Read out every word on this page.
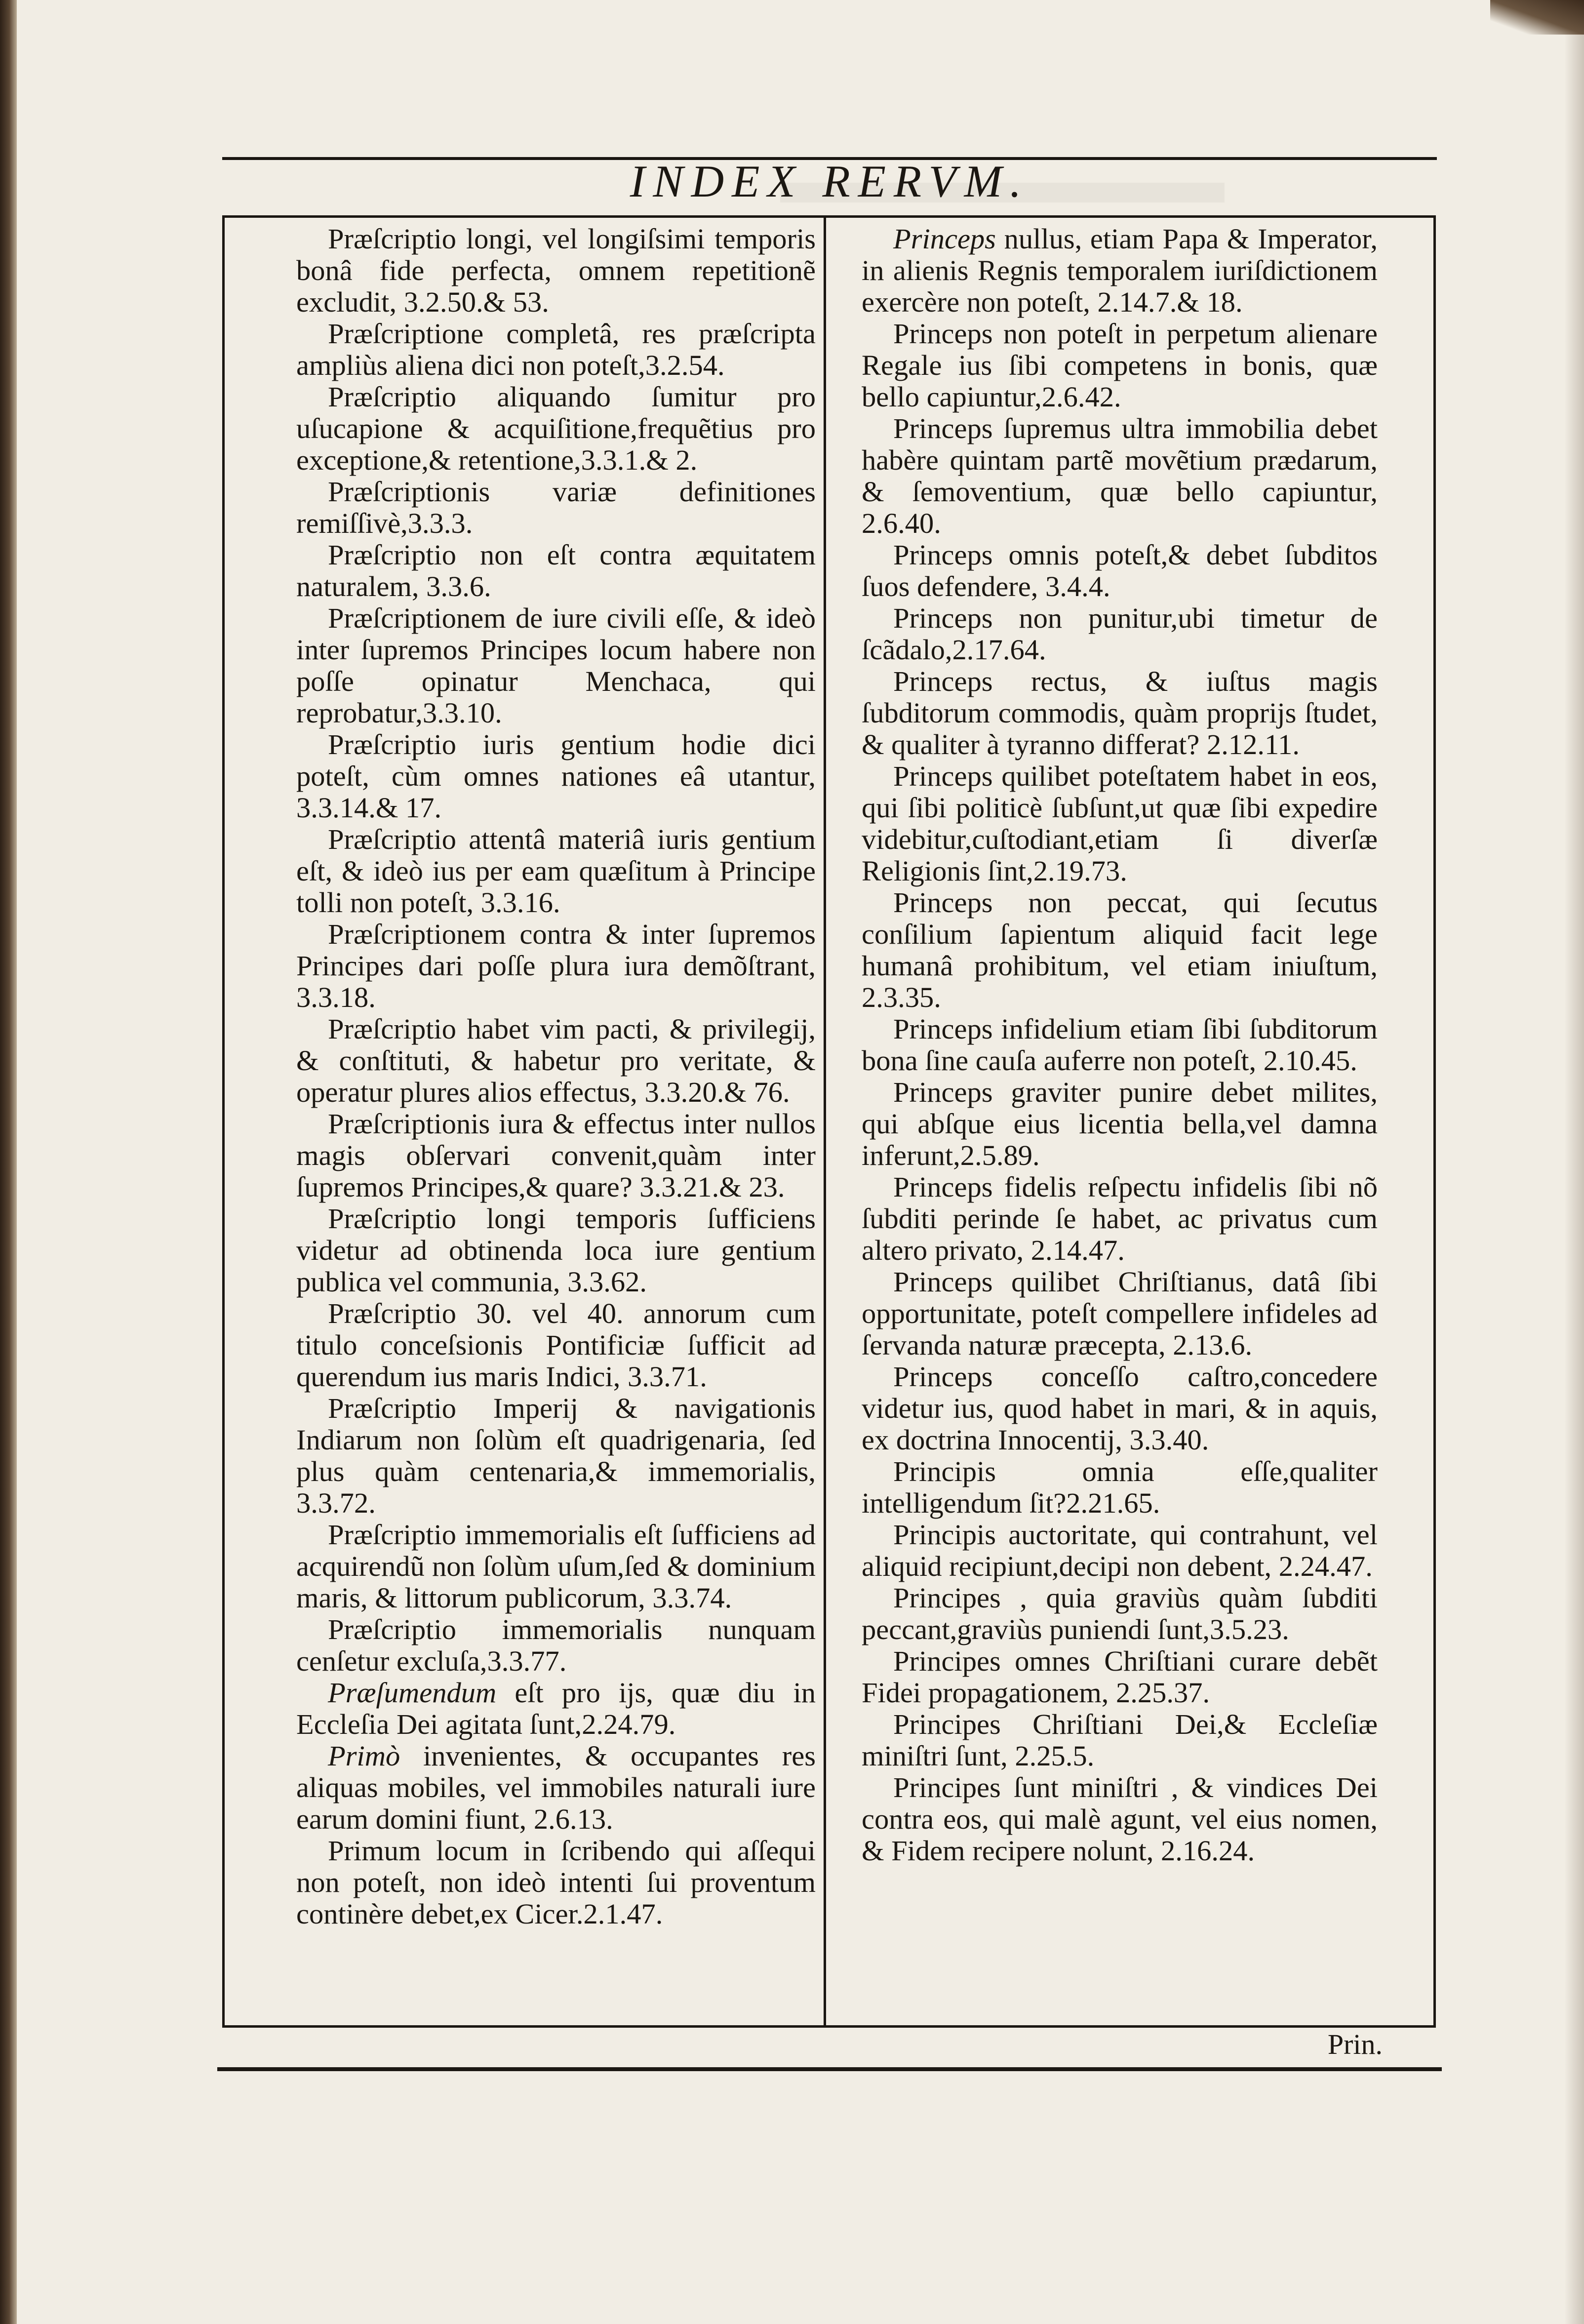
INDEX RERVM.

Præſcriptio longi, vel longiſsimi temporis bonâ fide perfecta, omnem repetitionẽ excludit, 3.2.50.& 53.

Præſcriptione completâ, res præſcripta ampliùs aliena dici non poteſt,3.2.54.

Præſcriptio aliquando ſumitur pro uſucapione & acquiſitione,frequẽtius pro exceptione,& retentione,3.3.1.& 2.

Præſcriptionis variæ definitiones remiſſivè,3.3.3.

Præſcriptio non eſt contra æquitatem naturalem, 3.3.6.

Præſcriptionem de iure civili eſſe, & ideò inter ſupremos Principes locum habere non poſſe opinatur Menchaca, qui reprobatur,3.3.10.

Præſcriptio iuris gentium hodie dici poteſt, cùm omnes nationes eâ utantur, 3.3.14.& 17.

Præſcriptio attentâ materiâ iuris gentium eſt, & ideò ius per eam quæſitum à Principe tolli non poteſt, 3.3.16.

Præſcriptionem contra & inter ſupremos Principes dari poſſe plura iura demõſtrant, 3.3.18.

Præſcriptio habet vim pacti, & privilegij, & conſtituti, & habetur pro veritate, & operatur plures alios effectus, 3.3.20.& 76.

Præſcriptionis iura & effectus inter nullos magis obſervari convenit,quàm inter ſupremos Principes,& quare? 3.3.21.& 23.

Præſcriptio longi temporis ſufficiens videtur ad obtinenda loca iure gentium publica vel communia, 3.3.62.

Præſcriptio 30. vel 40. annorum cum titulo conceſsionis Pontificiæ ſufficit ad querendum ius maris Indici, 3.3.71.

Præſcriptio Imperij & navigationis Indiarum non ſolùm eſt quadrigenaria, ſed plus quàm centenaria,& immemorialis, 3.3.72.

Præſcriptio immemorialis eſt ſufficiens ad acquirendũ non ſolùm uſum,ſed & dominium maris, & littorum publicorum, 3.3.74.

Præſcriptio immemorialis nunquam cenſetur excluſa,3.3.77.

Præſumendum eſt pro ijs, quæ diu in Eccleſia Dei agitata ſunt,2.24.79.

Primò invenientes, & occupantes res aliquas mobiles, vel immobiles naturali iure earum domini fiunt, 2.6.13.

Primum locum in ſcribendo qui aſſequi non poteſt, non ideò intenti ſui proventum continère debet,ex Cicer.2.1.47.

Princeps nullus, etiam Papa & Imperator, in alienis Regnis temporalem iuriſdictionem exercère non poteſt, 2.14.7.& 18.

Princeps non poteſt in perpetum alienare Regale ius ſibi competens in bonis, quæ bello capiuntur,2.6.42.

Princeps ſupremus ultra immobilia debet habère quintam partẽ movẽtium prædarum, & ſemoventium, quæ bello capiuntur, 2.6.40.

Princeps omnis poteſt,& debet ſubditos ſuos defendere, 3.4.4.

Princeps non punitur,ubi timetur de ſcãdalo,2.17.64.

Princeps rectus, & iuſtus magis ſubditorum commodis, quàm proprijs ſtudet, & qualiter à tyranno differat? 2.12.11.

Princeps quilibet poteſtatem habet in eos, qui ſibi politicè ſubſunt,ut quæ ſibi expedire videbitur,cuſtodiant,etiam ſi diverſæ Religionis ſint,2.19.73.

Princeps non peccat, qui ſecutus conſilium ſapientum aliquid facit lege humanâ prohibitum, vel etiam iniuſtum, 2.3.35.

Princeps infidelium etiam ſibi ſubditorum bona ſine cauſa auferre non poteſt, 2.10.45.

Princeps graviter punire debet milites, qui abſque eius licentia bella,vel damna inferunt,2.5.89.

Princeps fidelis reſpectu infidelis ſibi nõ ſubditi perinde ſe habet, ac privatus cum altero privato, 2.14.47.

Princeps quilibet Chriſtianus, datâ ſibi opportunitate, poteſt compellere infideles ad ſervanda naturæ præcepta, 2.13.6.

Princeps conceſſo caſtro,concedere videtur ius, quod habet in mari, & in aquis, ex doctrina Innocentij, 3.3.40.

Principis omnia eſſe,qualiter intelligendum ſit?2.21.65.

Principis auctoritate, qui contrahunt, vel aliquid recipiunt,decipi non debent, 2.24.47.

Principes , quia graviùs quàm ſubditi peccant,graviùs puniendi ſunt,3.5.23.

Principes omnes Chriſtiani curare debẽt Fidei propagationem, 2.25.37.

Principes Chriſtiani Dei,& Eccleſiæ miniſtri ſunt, 2.25.5.

Principes ſunt miniſtri , & vindices Dei contra eos, qui malè agunt, vel eius nomen, & Fidem recipere nolunt, 2.16.24.

Prin.
